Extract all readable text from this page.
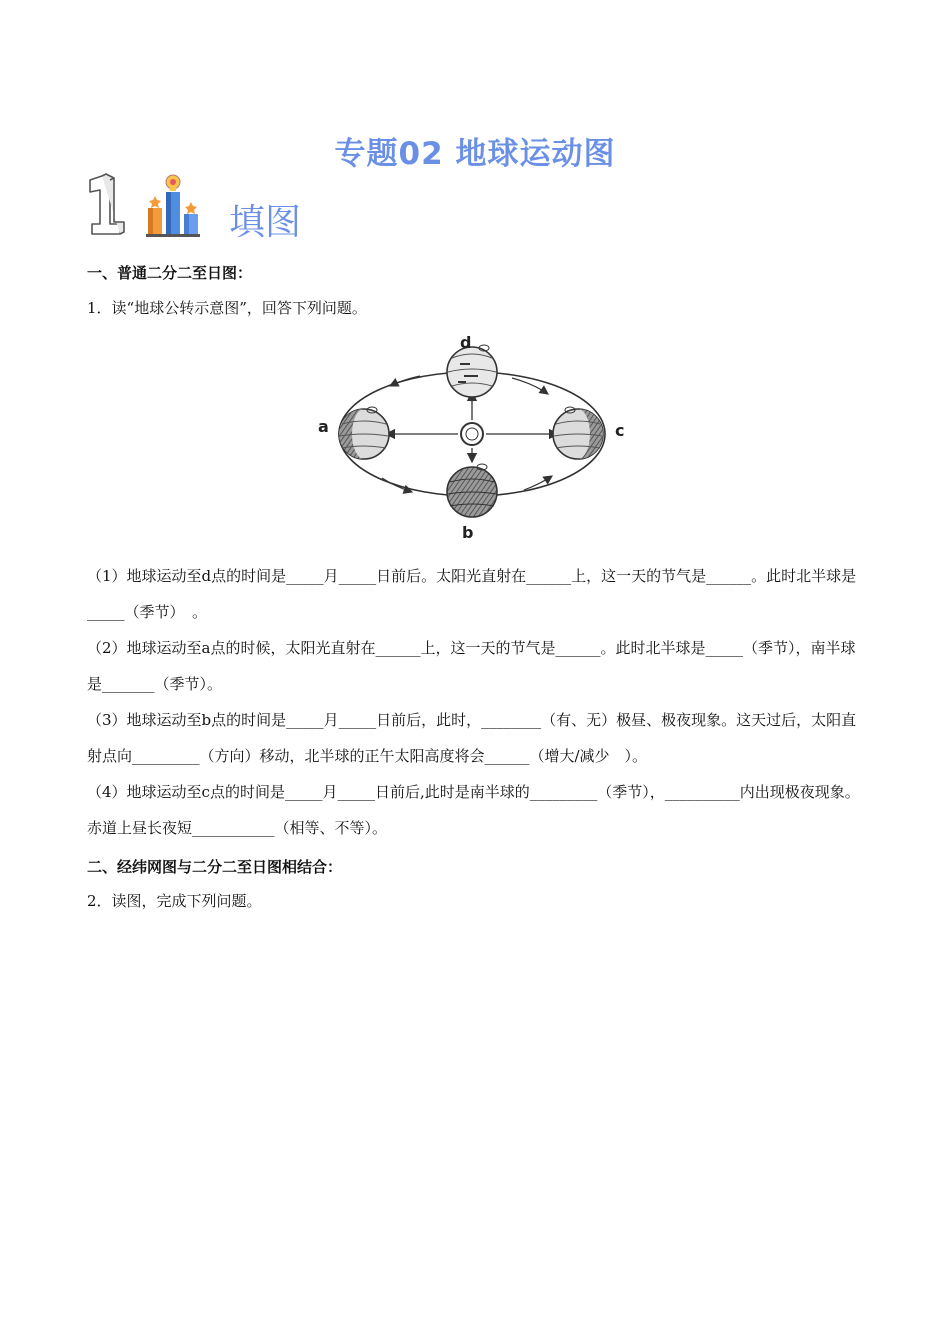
专题02 地球运动图
填图
一、普通二分二至日图：
1．读“地球公转示意图”，回答下列问题。
d
a	c
b
（1）地球运动至d点的时间是_____月_____日前后。太阳光直射在______上，这一天的节气是______。此时北半球是_____（季节）　。
（2）地球运动至a点的时候，太阳光直射在______上，这一天的节气是______。此时北半球是_____（季节），南半球是_______（季节）。
（3）地球运动至b点的时间是_____月_____日前后，此时，________（有、无）极昼、极夜现象。这天过后，太阳直射点向_________（方向）移动，北半球的正午太阳高度将会______（增大/减少　）。
（4）地球运动至c点的时间是_____月_____日前后,此时是南半球的_________（季节），__________内出现极夜现象。赤道上昼长夜短___________（相等、不等）。
二、经纬网图与二分二至日图相结合：
2．读图，完成下列问题。
